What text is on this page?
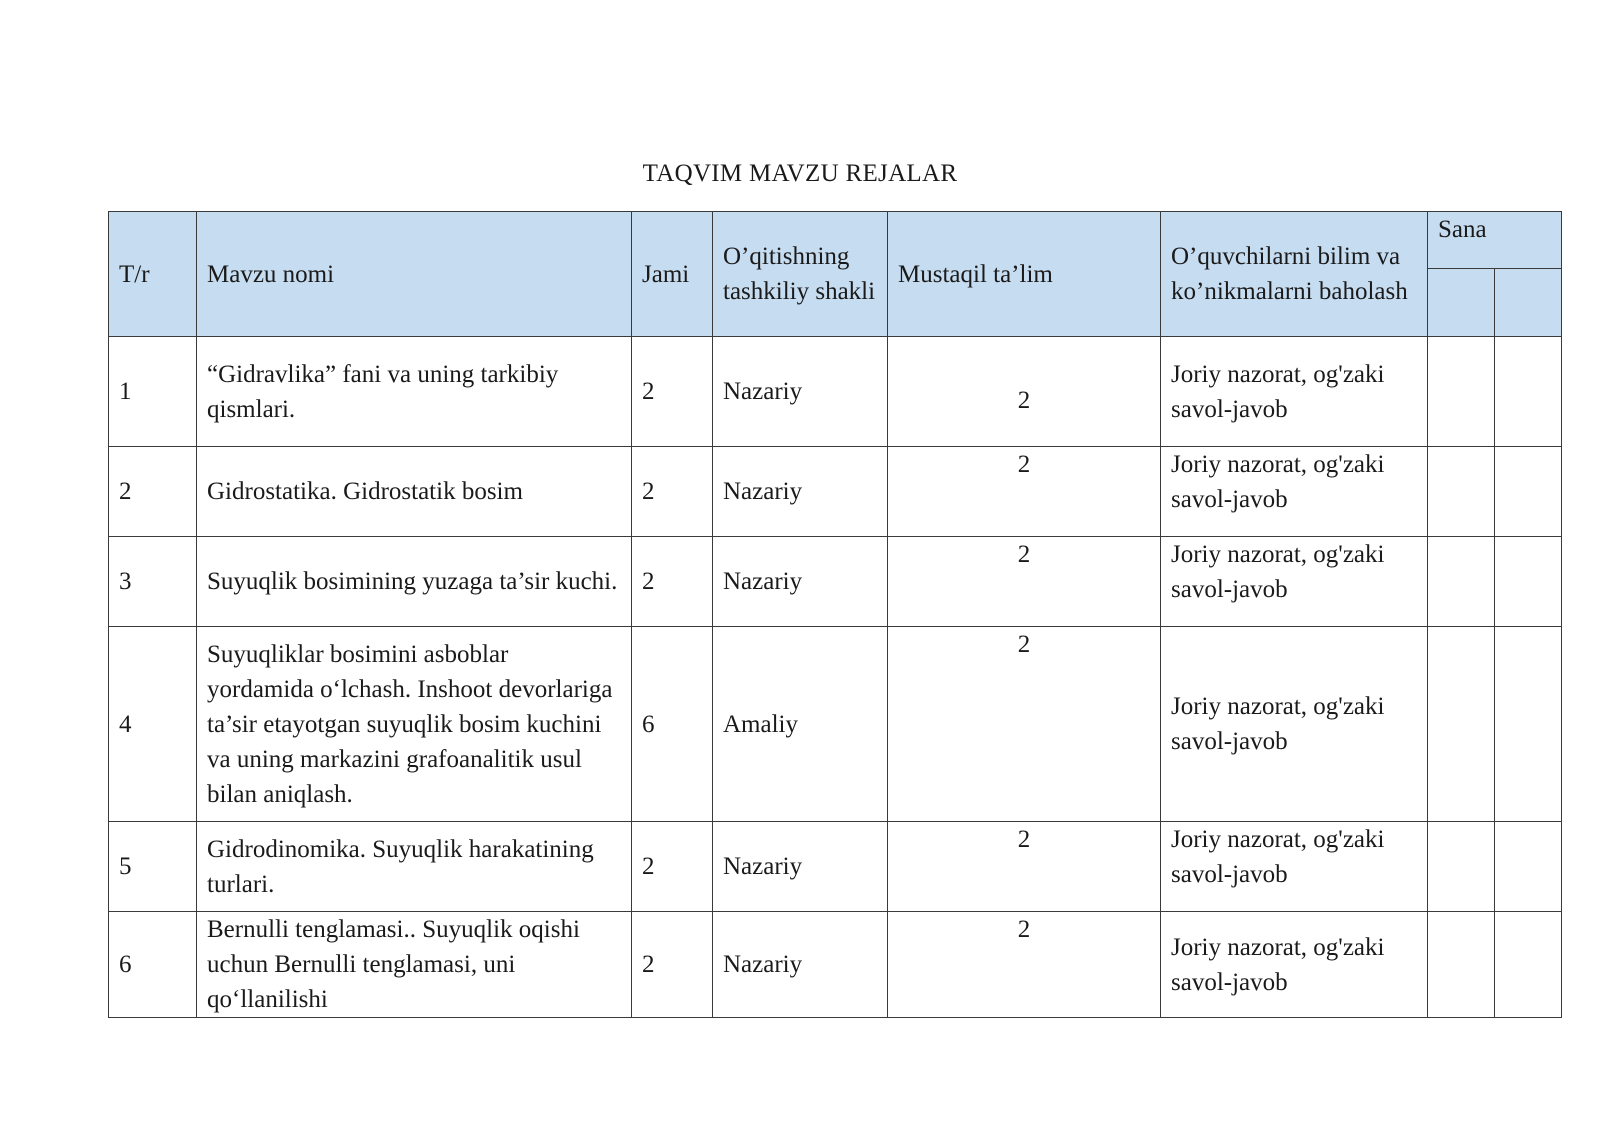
TAQVIM MAVZU REJALAR
T/r	Mavzu nomi	Jami	O’qitishning tashkiliy shakli	Mustaqil ta’lim	O’quvchilarni bilim va ko’nikmalarni baholash	Sana	

1	“Gidravlika” fani va uning tarkibiy qismlari.	2	Nazariy	2	Joriy nazorat, og'zaki savol-javob		
2	Gidrostatika. Gidrostatik bosim	2	Nazariy	2	Joriy nazorat, og'zaki savol-javob		
3	Suyuqlik bosimining yuzaga ta’sir kuchi.	2	Nazariy	2	Joriy nazorat, og'zaki savol-javob		
4	Suyuqliklar bosimini asboblar yordamida o‘lchash. Inshoot devorlariga ta’sir etayotgan suyuqlik bosim kuchini va uning markazini grafoanalitik usul bilan aniqlash.	6	Amaliy	2	Joriy nazorat, og'zaki savol-javob		
5	Gidrodinomika. Suyuqlik harakatining turlari.	2	Nazariy	2	Joriy nazorat, og'zaki savol-javob		
6	Bernulli tenglamasi.. Suyuqlik oqishi uchun Bernulli tenglamasi, uni qo‘llanilishi	2	Nazariy	2	Joriy nazorat, og'zaki savol-javob		
